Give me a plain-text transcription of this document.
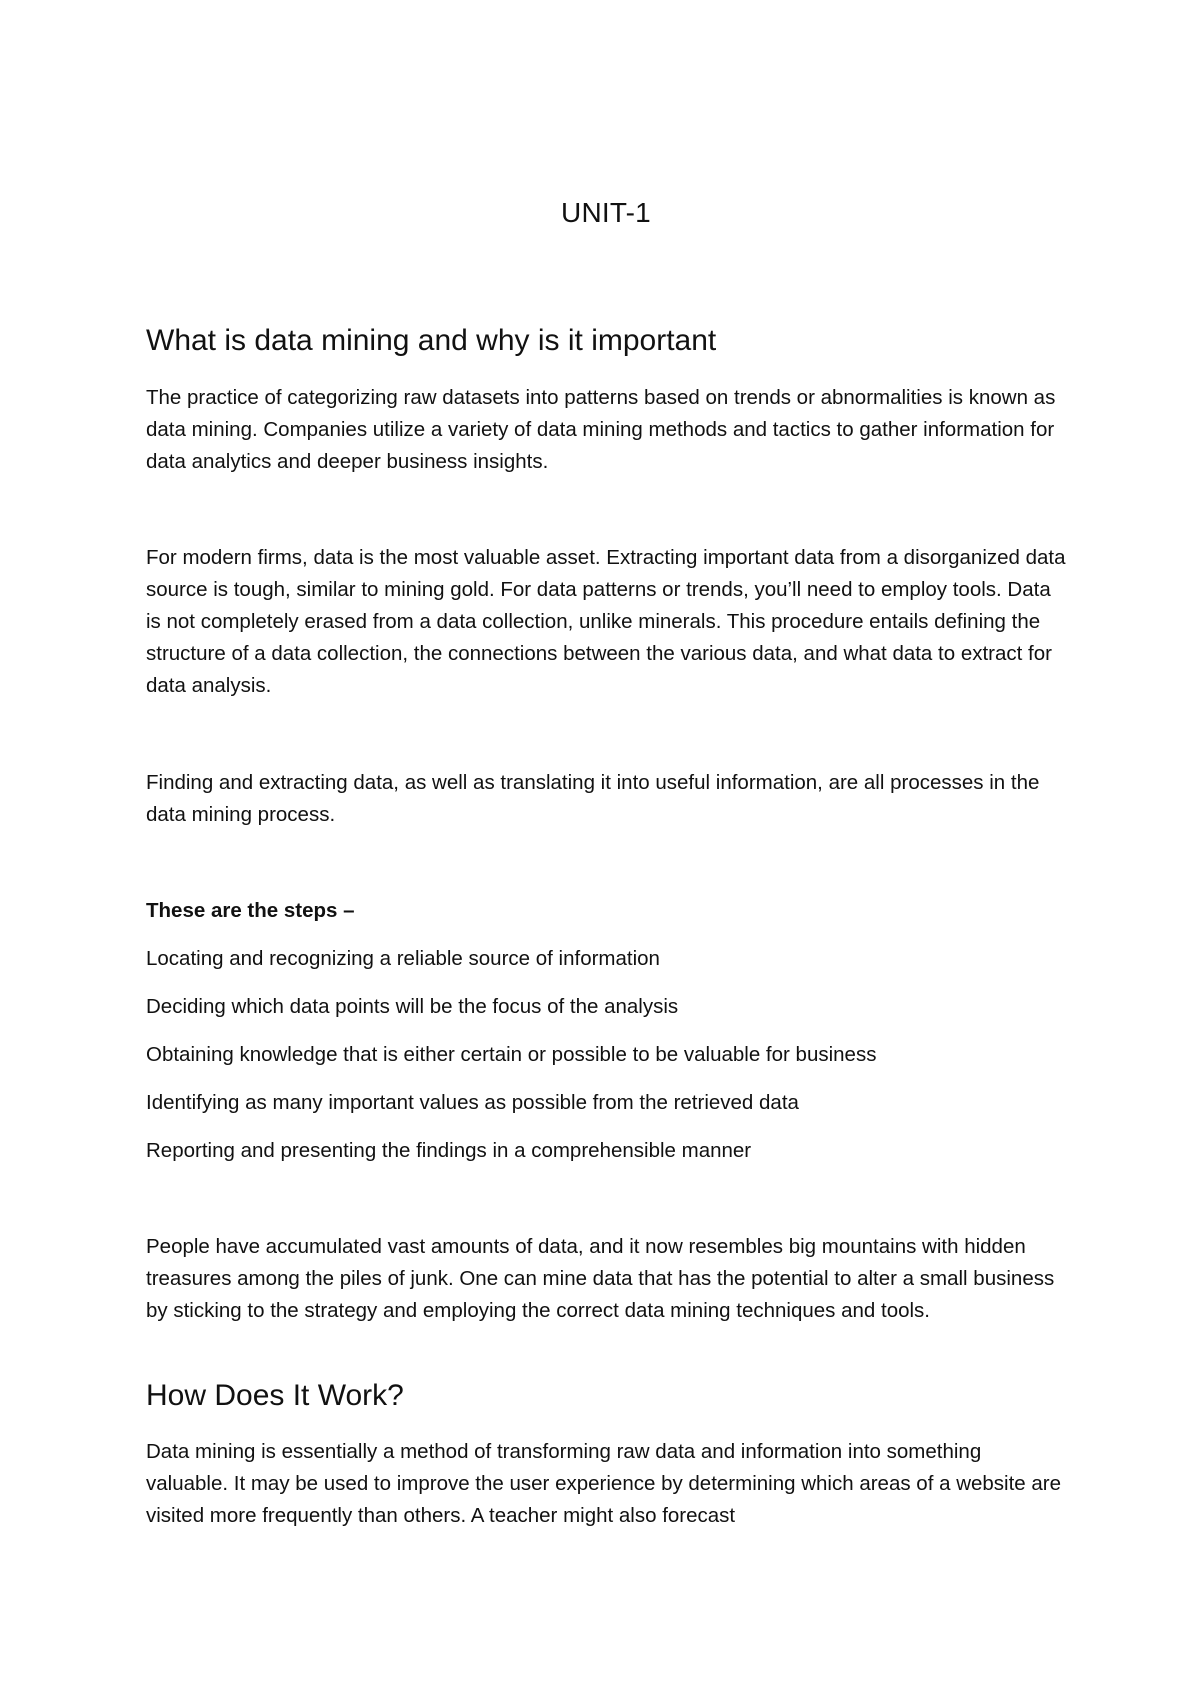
UNIT-1
What is data mining and why is it important

The practice of categorizing raw datasets into patterns based on trends or abnormalities is known as data mining. Companies utilize a variety of data mining methods and tactics to gather information for data analytics and deeper business insights.

For modern firms, data is the most valuable asset. Extracting important data from a disorganized data source is tough, similar to mining gold. For data patterns or trends, you’ll need to employ tools. Data is not completely erased from a data collection, unlike minerals. This procedure entails defining the structure of a data collection, the connections between the various data, and what data to extract for data analysis.

Finding and extracting data, as well as translating it into useful information, are all processes in the data mining process.

These are the steps –

Locating and recognizing a reliable source of information

Deciding which data points will be the focus of the analysis

Obtaining knowledge that is either certain or possible to be valuable for business

Identifying as many important values as possible from the retrieved data

Reporting and presenting the findings in a comprehensible manner

People have accumulated vast amounts of data, and it now resembles big mountains with hidden treasures among the piles of junk. One can mine data that has the potential to alter a small business by sticking to the strategy and employing the correct data mining techniques and tools.

How Does It Work?

Data mining is essentially a method of transforming raw data and information into something valuable. It may be used to improve the user experience by determining which areas of a website are visited more frequently than others. A teacher might also forecast
